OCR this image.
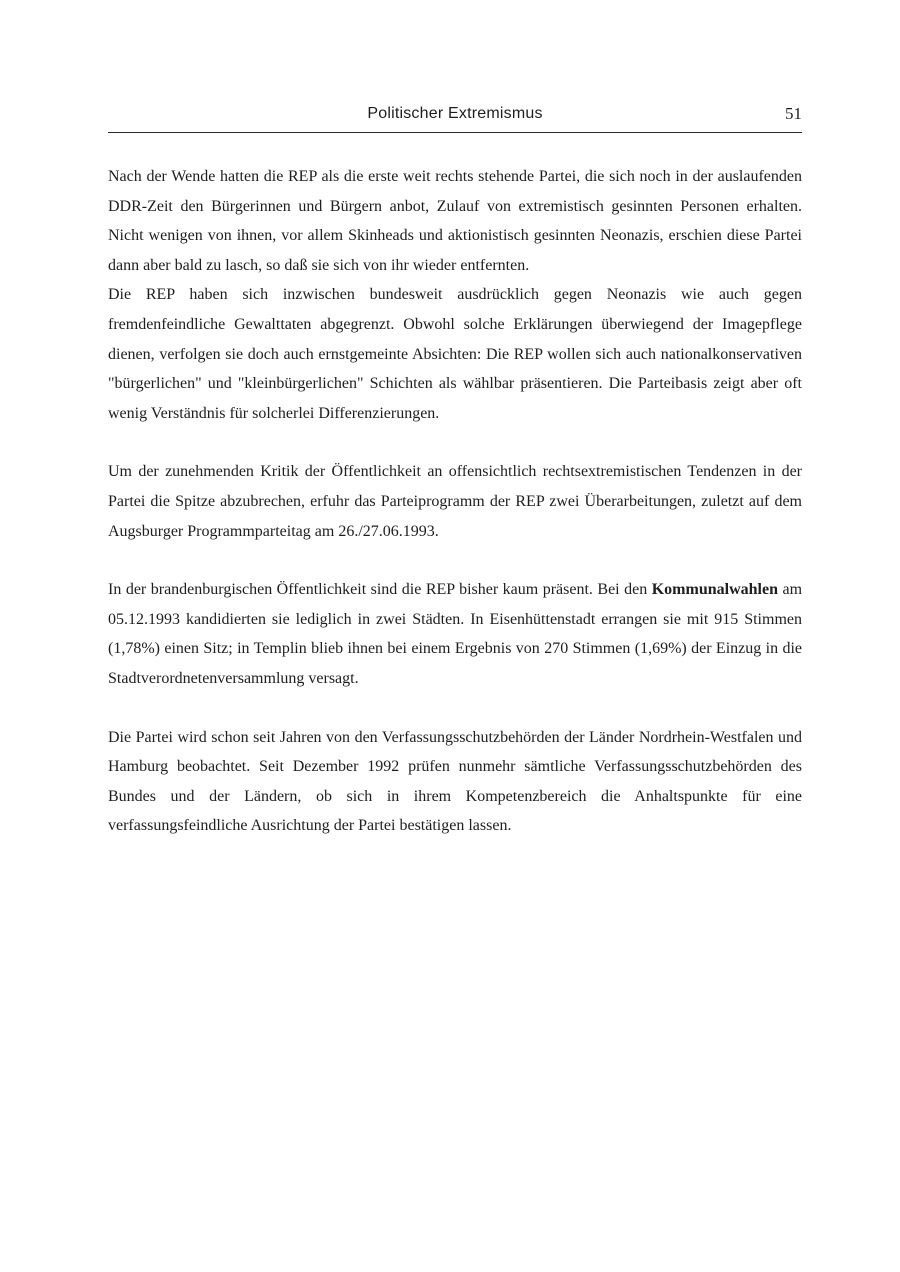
Politischer Extremismus	51

Nach der Wende hatten die REP als die erste weit rechts stehende Partei, die sich noch in der auslaufenden DDR-Zeit den Bürgerinnen und Bürgern anbot, Zulauf von extremistisch gesinnten Personen erhalten. Nicht wenigen von ihnen, vor allem Skinheads und aktionistisch gesinnten Neonazis, erschien diese Partei dann aber bald zu lasch, so daß sie sich von ihr wieder entfernten.

Die REP haben sich inzwischen bundesweit ausdrücklich gegen Neonazis wie auch gegen fremdenfeindliche Gewalttaten abgegrenzt. Obwohl solche Erklärungen überwiegend der Imagepflege dienen, verfolgen sie doch auch ernstgemeinte Absichten: Die REP wollen sich auch nationalkonservativen "bürgerlichen" und "kleinbürgerlichen" Schichten als wählbar präsentieren. Die Parteibasis zeigt aber oft wenig Verständnis für solcherlei Differenzierungen.

Um der zunehmenden Kritik der Öffentlichkeit an offensichtlich rechtsextremistischen Tendenzen in der Partei die Spitze abzubrechen, erfuhr das Parteiprogramm der REP zwei Überarbeitungen, zuletzt auf dem Augsburger Programmparteitag am 26./27.06.1993.

In der brandenburgischen Öffentlichkeit sind die REP bisher kaum präsent. Bei den Kommunalwahlen am 05.12.1993 kandidierten sie lediglich in zwei Städten. In Eisenhüttenstadt errangen sie mit 915 Stimmen (1,78%) einen Sitz; in Templin blieb ihnen bei einem Ergebnis von 270 Stimmen (1,69%) der Einzug in die Stadtverordnetenversammlung versagt.

Die Partei wird schon seit Jahren von den Verfassungsschutzbehörden der Länder Nordrhein-Westfalen und Hamburg beobachtet. Seit Dezember 1992 prüfen nunmehr sämtliche Verfassungsschutzbehörden des Bundes und der Ländern, ob sich in ihrem Kompetenzbereich die Anhaltspunkte für eine verfassungsfeindliche Ausrichtung der Partei bestätigen lassen.
